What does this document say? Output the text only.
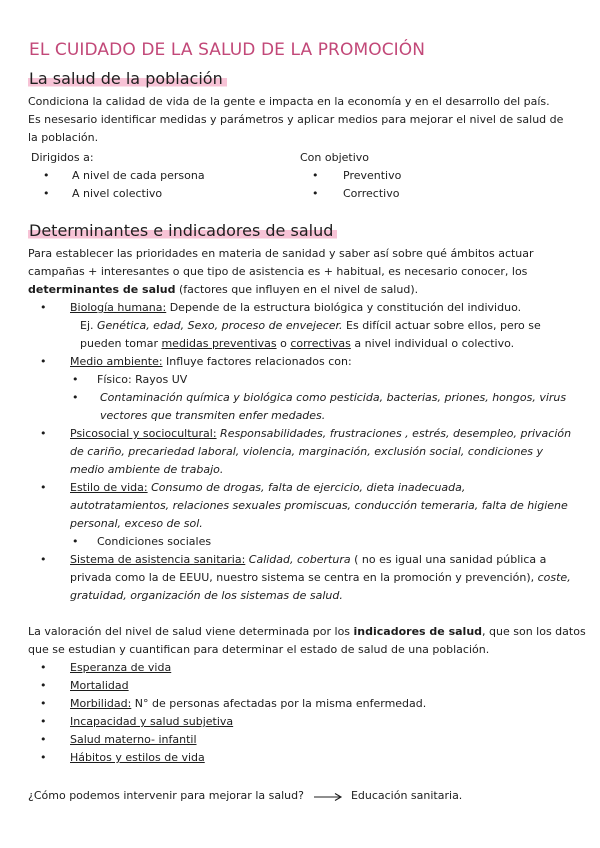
EL CUIDADO DE LA SALUD DE LA PROMOCIÓN
La salud de la población
Condiciona la calidad de vida de la gente e impacta en la economía y en el desarrollo del país.

Es nesesario identificar medidas y parámetros y aplicar medios para mejorar el nivel de salud de la población.

Dirigidos a:
• A nivel de cada persona
• A nivel colectivo
Con objetivo
• Preventivo
• Correctivo
Determinantes e indicadores de salud
Para establecer las prioridades en materia de sanidad y saber así sobre qué ámbitos actuar
campañas + interesantes o que tipo de asistencia es + habitual, es necesario conocer, los
determinantes de salud (factores que influyen en el nivel de salud).
• Biología humana: Depende de la estructura biológica y constitución del individuo.
Ej. Genética, edad, Sexo, proceso de envejecer. Es difícil actuar sobre ellos, pero se
pueden tomar medidas preventivas o correctivas a nivel individual o colectivo.
• Medio ambiente: Influye factores relacionados con:
• Físico: Rayos UV
• Contaminación química y biológica como pesticida, bacterias, priones, hongos, virus
vectores que transmiten enfer medades.
• Psicosocial y sociocultural: Responsabilidades, frustraciones , estrés, desempleo, privación
de cariño, precariedad laboral, violencia, marginación, exclusión social, condiciones y
medio ambiente de trabajo.
• Estilo de vida: Consumo de drogas, falta de ejercicio, dieta inadecuada,
autotratamientos, relaciones sexuales promiscuas, conducción temeraria, falta de higiene
personal, exceso de sol.
• Condiciones sociales
• Sistema de asistencia sanitaria: Calidad, cobertura ( no es igual una sanidad pública a
privada como la de EEUU, nuestro sistema se centra en la promoción y prevención), coste,
gratuidad, organización de los sistemas de salud.
La valoración del nivel de salud viene determinada por los indicadores de salud, que son los datos
que se estudian y cuantifican para determinar el estado de salud de una población.
• Esperanza de vida
• Mortalidad
• Morbilidad: N° de personas afectadas por la misma enfermedad.
• Incapacidad y salud subjetiva
• Salud materno- infantil
• Hábitos y estilos de vida
¿Cómo podemos intervenir para mejorar la salud?	Educación sanitaria.
